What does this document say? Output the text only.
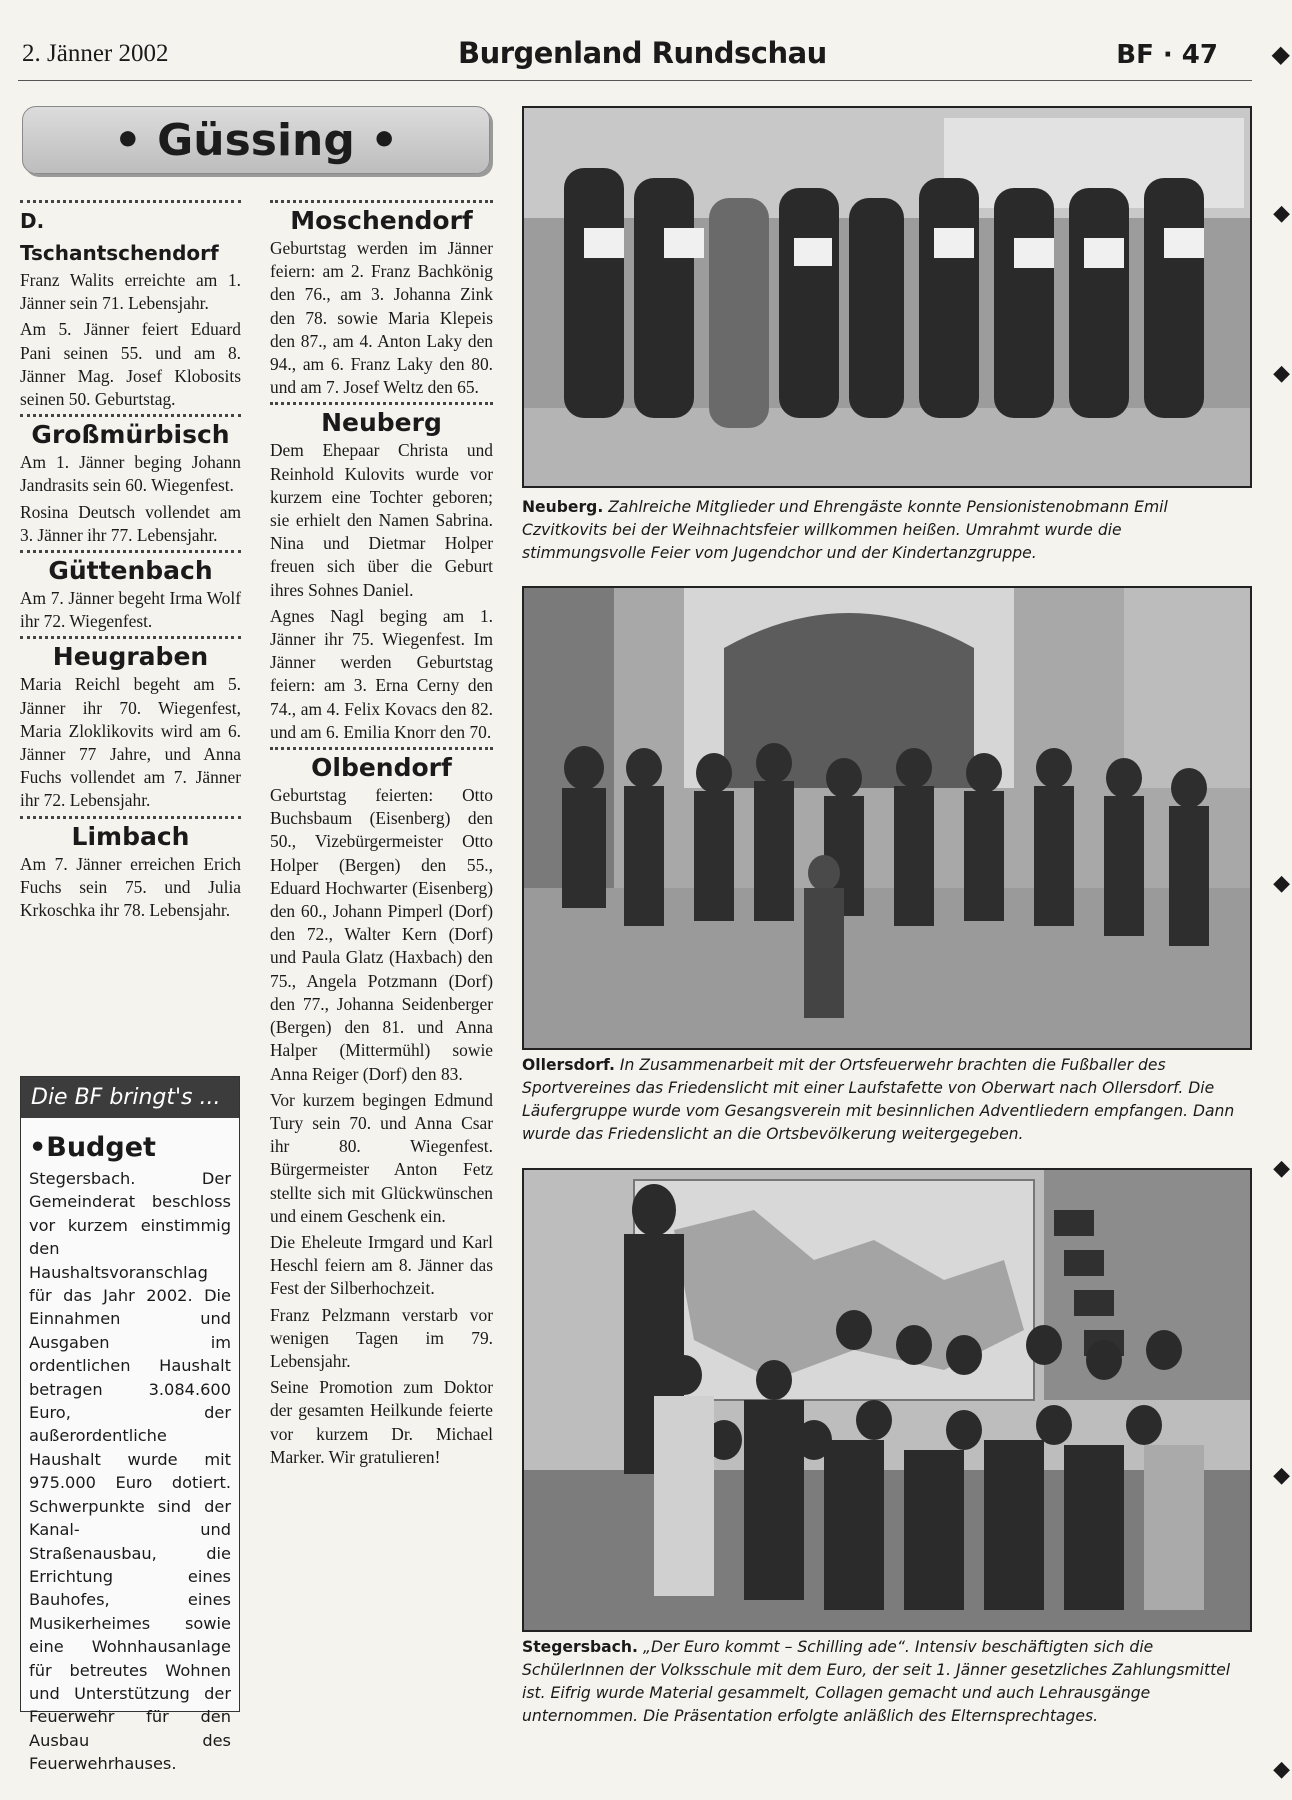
2. Jänner 2002	Burgenland Rundschau	BF · 47 ◆
• Güssing •
D. Tschantschendorf
Franz Walits erreichte am 1. Jänner sein 71. Lebensjahr.
Am 5. Jänner feiert Eduard Pani seinen 55. und am 8. Jänner Mag. Josef Klobosits seinen 50. Geburtstag.
Großmürbisch
Am 1. Jänner beging Johann Jandrasits sein 60. Wiegenfest.
Rosina Deutsch vollendet am 3. Jänner ihr 77. Lebensjahr.
Güttenbach
Am 7. Jänner begeht Irma Wolf ihr 72. Wiegenfest.
Heugraben
Maria Reichl begeht am 5. Jänner ihr 70. Wiegenfest, Maria Zloklikovits wird am 6. Jänner 77 Jahre, und Anna Fuchs vollendet am 7. Jänner ihr 72. Lebensjahr.
Limbach
Am 7. Jänner erreichen Erich Fuchs sein 75. und Julia Krkoschka ihr 78. Lebensjahr.
Die BF bringt's ...
•Budget
Stegersbach. Der Gemeinderat beschloss vor kurzem einstimmig den Haushaltsvoranschlag für das Jahr 2002. Die Einnahmen und Ausgaben im ordentlichen Haushalt betragen 3.084.600 Euro, der außerordentliche Haushalt wurde mit 975.000 Euro dotiert. Schwerpunkte sind der Kanal- und Straßenausbau, die Errichtung eines Bauhofes, eines Musikerheimes sowie eine Wohnhausanlage für betreutes Wohnen und Unterstützung der Feuerwehr für den Ausbau des Feuerwehrhauses.
Moschendorf
Geburtstag werden im Jänner feiern: am 2. Franz Bachkönig den 76., am 3. Johanna Zink den 78. sowie Maria Klepeis den 87., am 4. Anton Laky den 94., am 6. Franz Laky den 80. und am 7. Josef Weltz den 65.
Neuberg
Dem Ehepaar Christa und Reinhold Kulovits wurde vor kurzem eine Tochter geboren; sie erhielt den Namen Sabrina. Nina und Dietmar Holper freuen sich über die Geburt ihres Sohnes Daniel.
Agnes Nagl beging am 1. Jänner ihr 75. Wiegenfest. Im Jänner werden Geburtstag feiern: am 3. Erna Cerny den 74., am 4. Felix Kovacs den 82. und am 6. Emilia Knorr den 70.
Olbendorf
Geburtstag feierten: Otto Buchsbaum (Eisenberg) den 50., Vizebürgermeister Otto Holper (Bergen) den 55., Eduard Hochwarter (Eisenberg) den 60., Johann Pimperl (Dorf) den 72., Walter Kern (Dorf) und Paula Glatz (Haxbach) den 75., Angela Potzmann (Dorf) den 77., Johanna Seidenberger (Bergen) den 81. und Anna Halper (Mittermühl) sowie Anna Reiger (Dorf) den 83.
Vor kurzem begingen Edmund Tury sein 70. und Anna Csar ihr 80. Wiegenfest. Bürgermeister Anton Fetz stellte sich mit Glückwünschen und einem Geschenk ein.
Die Eheleute Irmgard und Karl Heschl feiern am 8. Jänner das Fest der Silberhochzeit.
Franz Pelzmann verstarb vor wenigen Tagen im 79. Lebensjahr.
Seine Promotion zum Doktor der gesamten Heilkunde feierte vor kurzem Dr. Michael Marker. Wir gratulieren!
Neuberg. Zahlreiche Mitglieder und Ehrengäste konnte Pensionistenobmann Emil Czvitkovits bei der Weihnachtsfeier willkommen heißen. Umrahmt wurde die stimmungsvolle Feier vom Jugendchor und der Kindertanzgruppe.
Ollersdorf. In Zusammenarbeit mit der Ortsfeuerwehr brachten die Fußballer des Sportvereines das Friedenslicht mit einer Laufstafette von Oberwart nach Ollersdorf. Die Läufergruppe wurde vom Gesangsverein mit besinnlichen Adventliedern empfangen. Dann wurde das Friedenslicht an die Ortsbevölkerung weitergegeben.
Stegersbach. „Der Euro kommt – Schilling ade“. Intensiv beschäftigten sich die SchülerInnen der Volksschule mit dem Euro, der seit 1. Jänner gesetzliches Zahlungsmittel ist. Eifrig wurde Material gesammelt, Collagen gemacht und auch Lehrausgänge unternommen. Die Präsentation erfolgte anläßlich des Elternsprechtages.
◆
◆
◆
◆
◆
◆
